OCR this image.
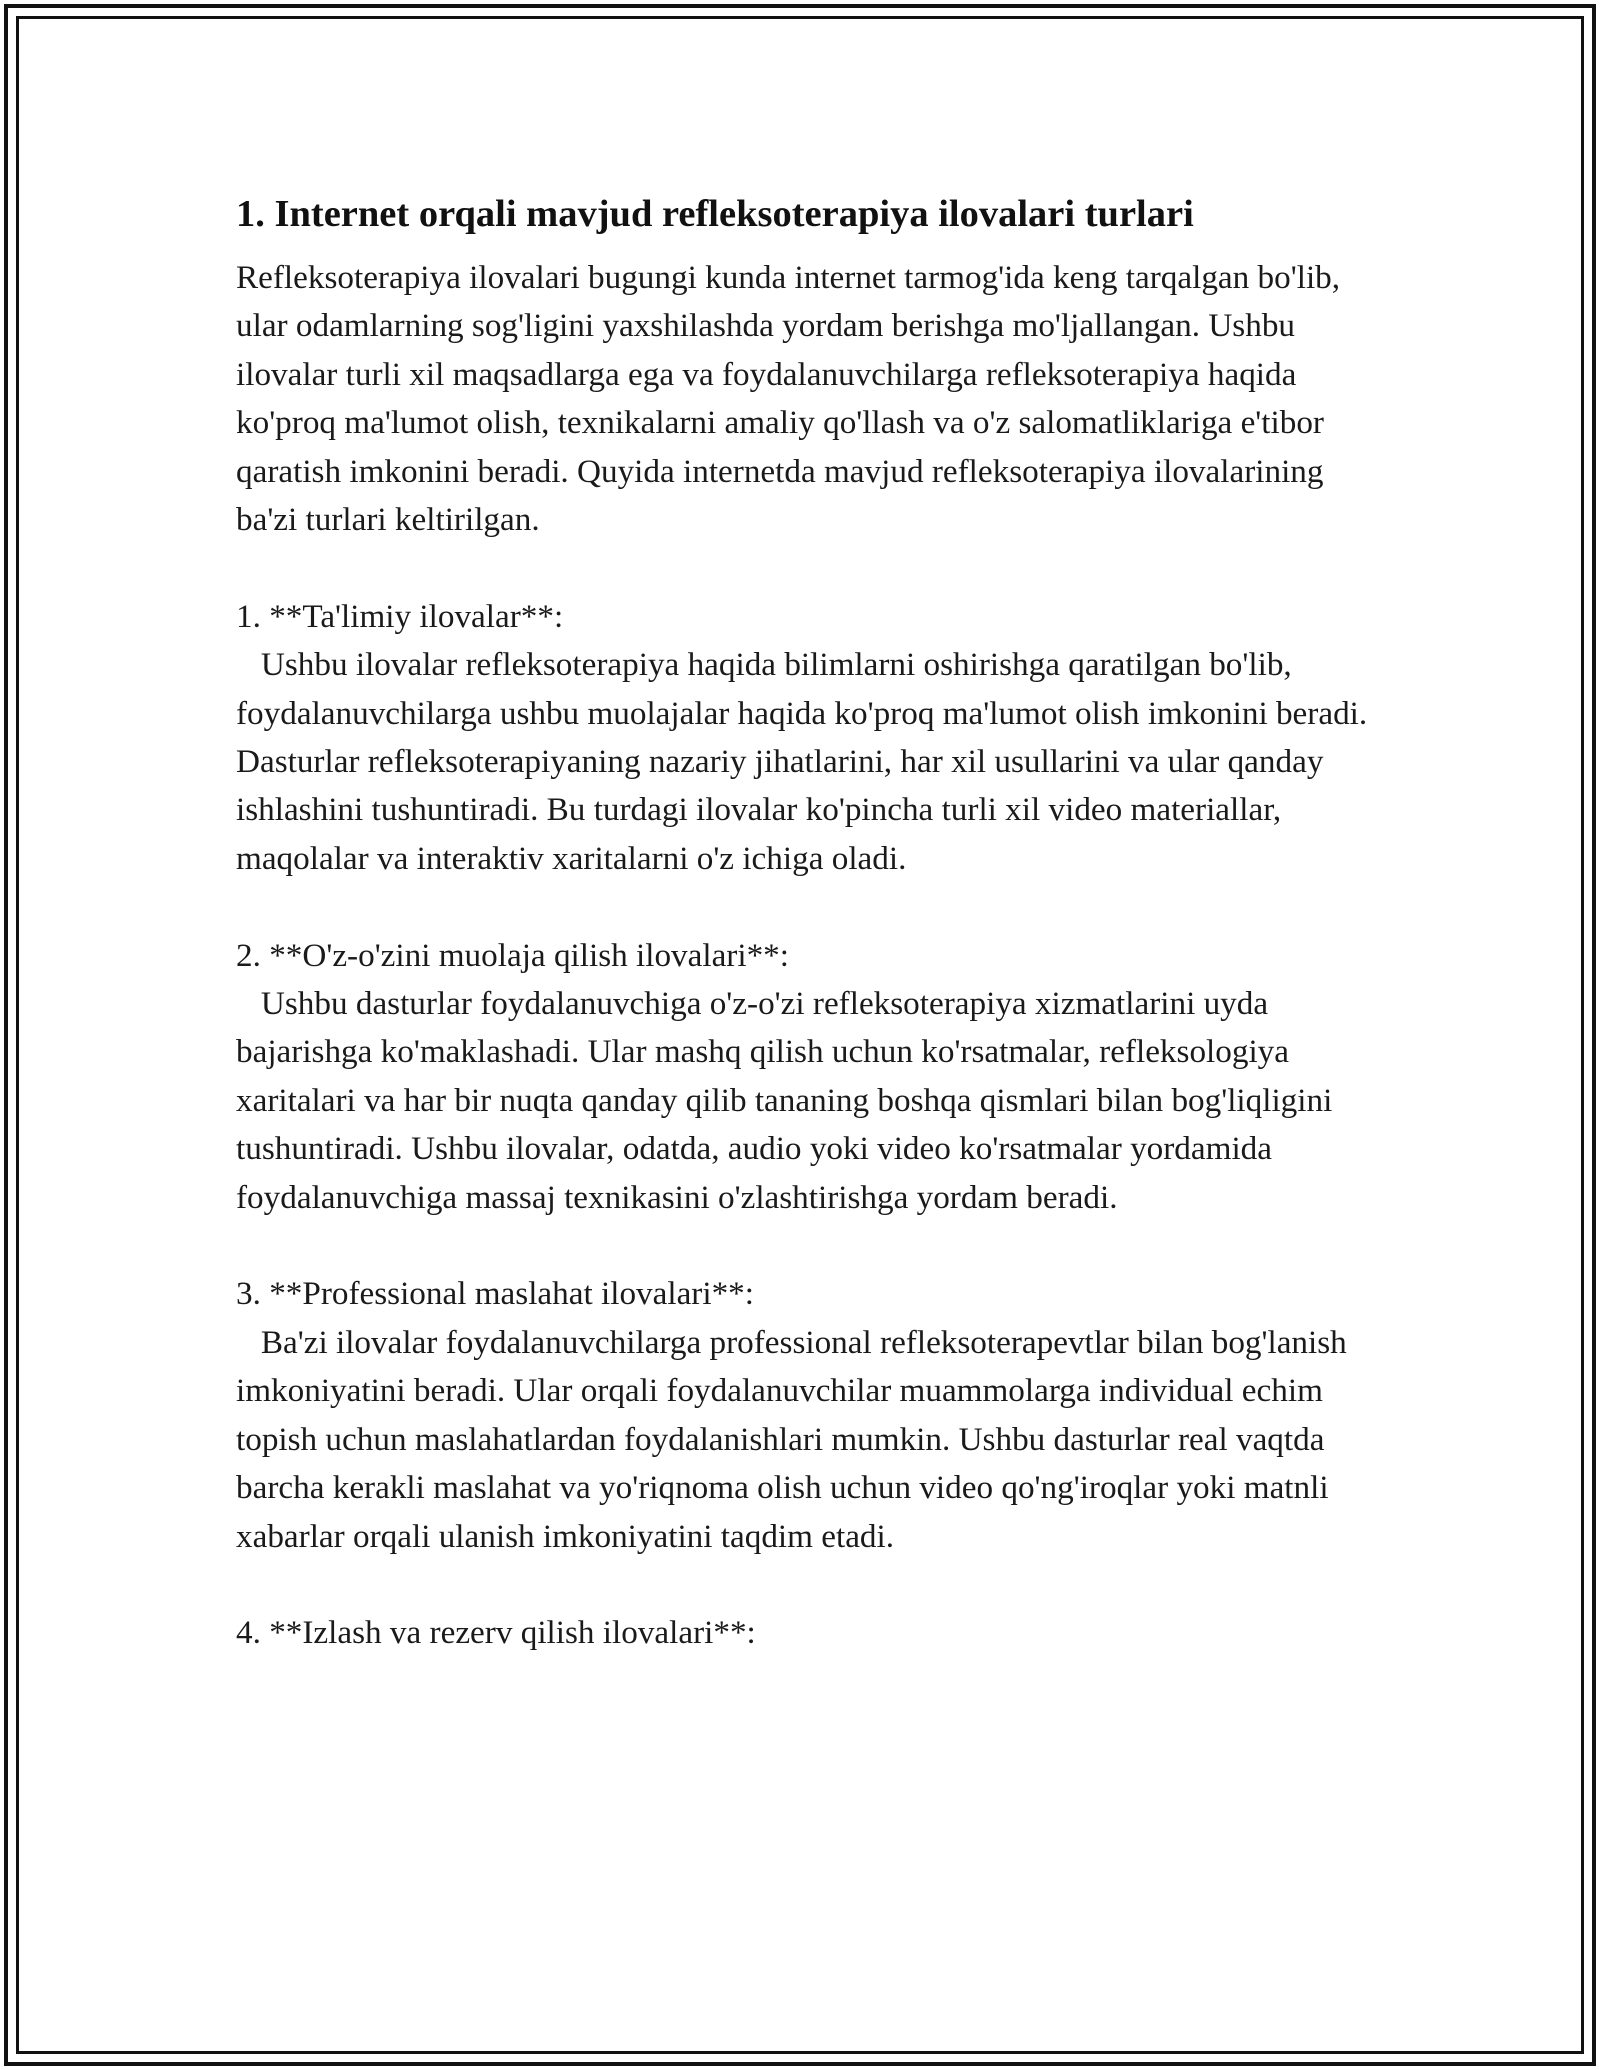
1. Internet orqali mavjud refleksoterapiya ilovalari turlari

Refleksoterapiya ilovalari bugungi kunda internet tarmog'ida keng tarqalgan bo'lib, ular odamlarning sog'ligini yaxshilashda yordam berishga mo'ljallangan. Ushbu ilovalar turli xil maqsadlarga ega va foydalanuvchilarga refleksoterapiya haqida ko'proq ma'lumot olish, texnikalarni amaliy qo'llash va o'z salomatliklariga e'tibor qaratish imkonini beradi. Quyida internetda mavjud refleksoterapiya ilovalarining ba'zi turlari keltirilgan.

1. **Ta'limiy ilovalar**:

Ushbu ilovalar refleksoterapiya haqida bilimlarni oshirishga qaratilgan bo'lib, foydalanuvchilarga ushbu muolajalar haqida ko'proq ma'lumot olish imkonini beradi. Dasturlar refleksoterapiyaning nazariy jihatlarini, har xil usullarini va ular qanday ishlashini tushuntiradi. Bu turdagi ilovalar ko'pincha turli xil video materiallar, maqolalar va interaktiv xaritalarni o'z ichiga oladi.

2. **O'z-o'zini muolaja qilish ilovalari**:

Ushbu dasturlar foydalanuvchiga o'z-o'zi refleksoterapiya xizmatlarini uyda bajarishga ko'maklashadi. Ular mashq qilish uchun ko'rsatmalar, refleksologiya xaritalari va har bir nuqta qanday qilib tananing boshqa qismlari bilan bog'liqligini tushuntiradi. Ushbu ilovalar, odatda, audio yoki video ko'rsatmalar yordamida foydalanuvchiga massaj texnikasini o'zlashtirishga yordam beradi.

3. **Professional maslahat ilovalari**:

Ba'zi ilovalar foydalanuvchilarga professional refleksoterapevtlar bilan bog'lanish imkoniyatini beradi. Ular orqali foydalanuvchilar muammolarga individual echim topish uchun maslahatlardan foydalanishlari mumkin. Ushbu dasturlar real vaqtda barcha kerakli maslahat va yo'riqnoma olish uchun video qo'ng'iroqlar yoki matnli xabarlar orqali ulanish imkoniyatini taqdim etadi.

4. **Izlash va rezerv qilish ilovalari**:
